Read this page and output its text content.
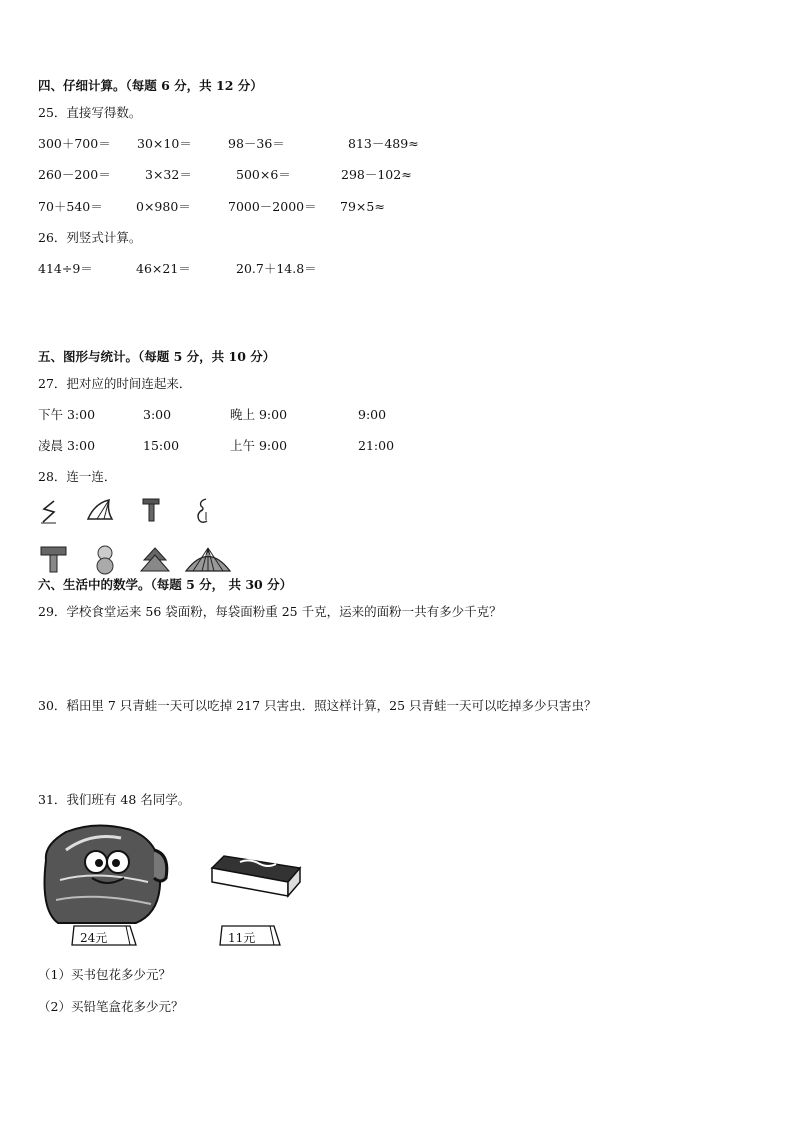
四、仔细计算。（每题 6 分，共 12 分）
25．直接写得数。
300＋700＝ 30×10＝	98－36＝	813－489≈
260－200＝	3×32＝	500×6＝	298－102≈
70＋540＝	0×980＝	7000－2000＝ 79×5≈
26．列竖式计算。
414÷9＝	46×21＝	20.7＋14.8＝
五、图形与统计。（每题 5 分，共 10 分）
27．把对应的时间连起来．
下午 3:00	3:00	晚上 9:00	9:00
凌晨 3:00	15:00	上午 9:00	21:00
28．连一连．
六、生活中的数学。（每题 5 分， 共 30 分）
29．学校食堂运来 56 袋面粉，每袋面粉重 25 千克，运来的面粉一共有多少千克？
30．稻田里 7 只青蛙一天可以吃掉 217 只害虫．照这样计算，25 只青蛙一天可以吃掉多少只害虫？
31．我们班有 48 名同学。
24元	11元
（1）买书包花多少元？
（2）买铅笔盒花多少元？
